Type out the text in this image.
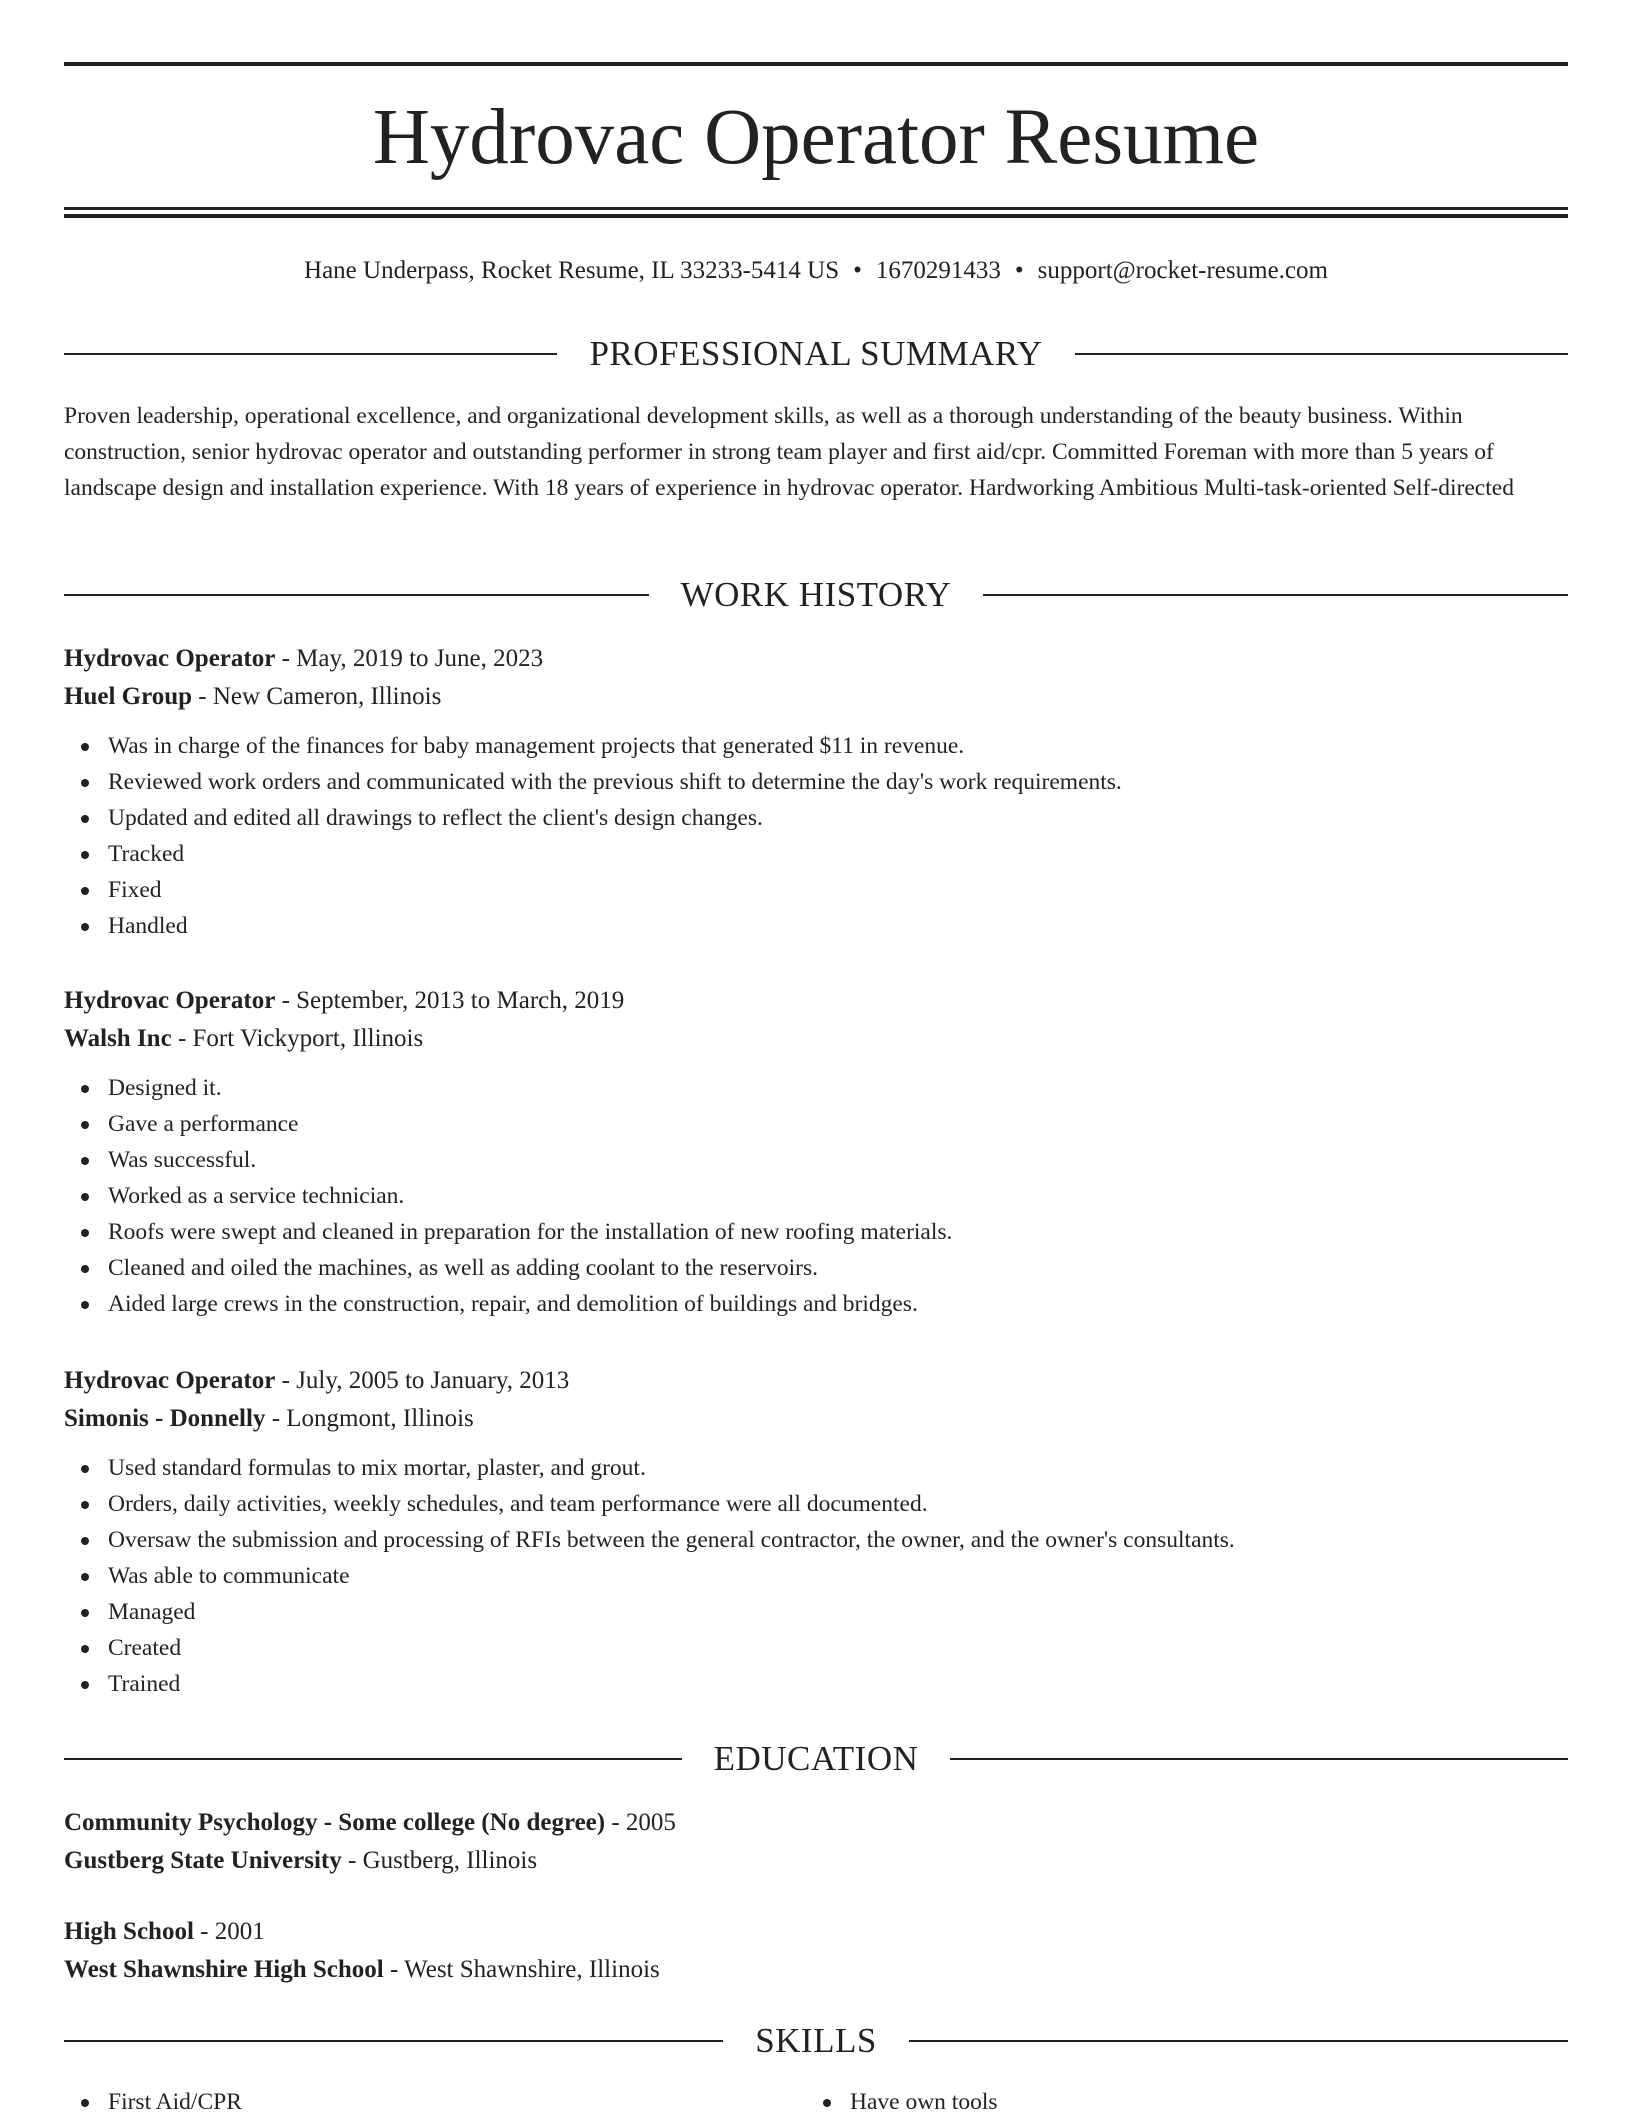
Hydrovac Operator Resume
Hane Underpass, Rocket Resume, IL 33233-5414 US • 1670291433 • support@rocket-resume.com
PROFESSIONAL SUMMARY

Proven leadership, operational excellence, and organizational development skills, as well as a thorough understanding of the beauty business. Within construction, senior hydrovac operator and outstanding performer in strong team player and first aid/cpr. Committed Foreman with more than 5 years of landscape design and installation experience. With 18 years of experience in hydrovac operator. Hardworking Ambitious Multi-task-oriented Self-directed

WORK HISTORY
Hydrovac Operator - May, 2019 to June, 2023
Huel Group - New Cameron, Illinois
Was in charge of the finances for baby management projects that generated $11 in revenue.
Reviewed work orders and communicated with the previous shift to determine the day's work requirements.
Updated and edited all drawings to reflect the client's design changes.
Tracked
Fixed
Handled
Hydrovac Operator - September, 2013 to March, 2019
Walsh Inc - Fort Vickyport, Illinois
Designed it.
Gave a performance
Was successful.
Worked as a service technician.
Roofs were swept and cleaned in preparation for the installation of new roofing materials.
Cleaned and oiled the machines, as well as adding coolant to the reservoirs.
Aided large crews in the construction, repair, and demolition of buildings and bridges.
Hydrovac Operator - July, 2005 to January, 2013
Simonis - Donnelly - Longmont, Illinois
Used standard formulas to mix mortar, plaster, and grout.
Orders, daily activities, weekly schedules, and team performance were all documented.
Oversaw the submission and processing of RFIs between the general contractor, the owner, and the owner's consultants.
Was able to communicate
Managed
Created
Trained
EDUCATION
Community Psychology - Some college (No degree) - 2005
Gustberg State University - Gustberg, Illinois
High School - 2001
West Shawnshire High School - West Shawnshire, Illinois
SKILLS
First Aid/CPR	Have own tools
